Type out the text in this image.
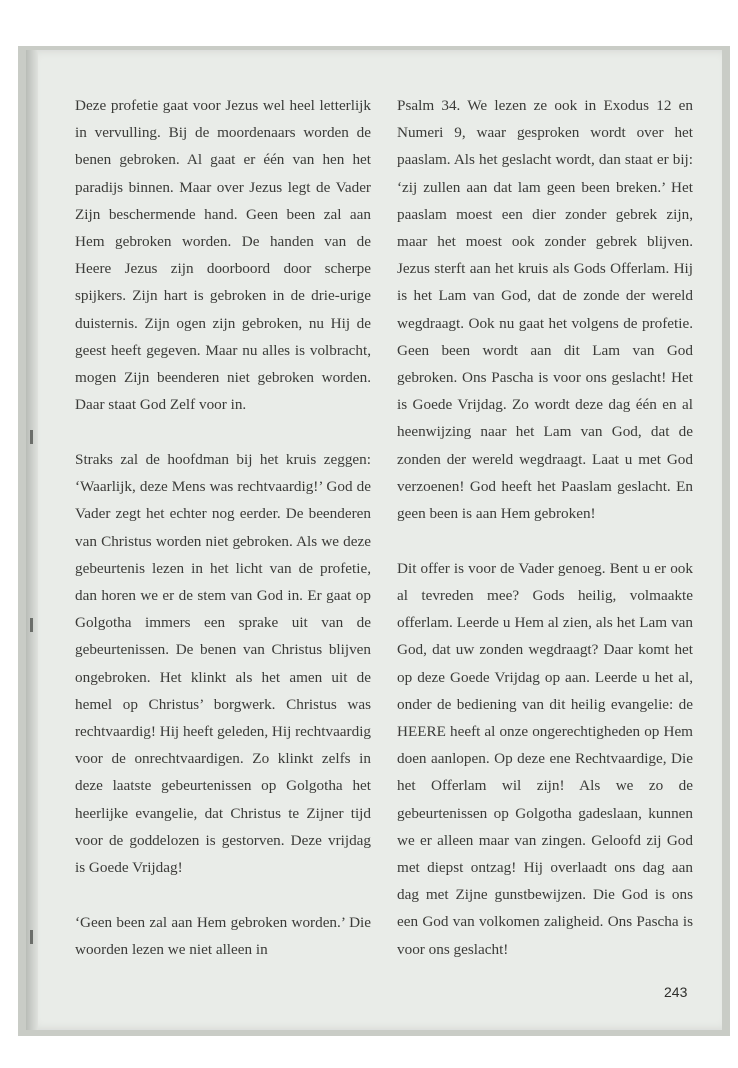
Deze profetie gaat voor Jezus wel heel letterlijk in vervulling. Bij de moordenaars worden de benen gebroken. Al gaat er één van hen het paradijs binnen. Maar over Jezus legt de Vader Zijn beschermende hand. Geen been zal aan Hem gebroken worden. De handen van de Heere Jezus zijn doorboord door scherpe spijkers. Zijn hart is gebroken in de drie-urige duisternis. Zijn ogen zijn gebroken, nu Hij de geest heeft gegeven. Maar nu alles is volbracht, mogen Zijn beenderen niet gebroken worden. Daar staat God Zelf voor in.

Straks zal de hoofdman bij het kruis zeggen: ‘Waarlijk, deze Mens was rechtvaardig!’ God de Vader zegt het echter nog eerder. De beenderen van Christus worden niet gebroken. Als we deze gebeurtenis lezen in het licht van de profetie, dan horen we er de stem van God in. Er gaat op Golgotha immers een sprake uit van de gebeurtenissen. De benen van Christus blijven ongebroken. Het klinkt als het amen uit de hemel op Christus’ borgwerk. Christus was rechtvaardig! Hij heeft geleden, Hij rechtvaardig voor de onrechtvaardigen. Zo klinkt zelfs in deze laatste gebeurtenissen op Golgotha het heerlijke evangelie, dat Christus te Zijner tijd voor de goddelozen is gestorven. Deze vrijdag is Goede Vrijdag!

‘Geen been zal aan Hem gebroken worden.’ Die woorden lezen we niet alleen in

Psalm 34. We lezen ze ook in Exodus 12 en Numeri 9, waar gesproken wordt over het paaslam. Als het geslacht wordt, dan staat er bij: ‘zij zullen aan dat lam geen been breken.’ Het paaslam moest een dier zonder gebrek zijn, maar het moest ook zonder gebrek blijven. Jezus sterft aan het kruis als Gods Offerlam. Hij is het Lam van God, dat de zonde der wereld wegdraagt. Ook nu gaat het volgens de profetie. Geen been wordt aan dit Lam van God gebroken. Ons Pascha is voor ons geslacht! Het is Goede Vrijdag. Zo wordt deze dag één en al heenwijzing naar het Lam van God, dat de zonden der wereld wegdraagt. Laat u met God verzoenen! God heeft het Paaslam geslacht. En geen been is aan Hem gebroken!

Dit offer is voor de Vader genoeg. Bent u er ook al tevreden mee? Gods heilig, volmaakte offerlam. Leerde u Hem al zien, als het Lam van God, dat uw zonden wegdraagt? Daar komt het op deze Goede Vrijdag op aan. Leerde u het al, onder de bediening van dit heilig evangelie: de HEERE heeft al onze ongerechtigheden op Hem doen aanlopen. Op deze ene Rechtvaardige, Die het Offerlam wil zijn! Als we zo de gebeurtenissen op Golgotha gadeslaan, kunnen we er alleen maar van zingen. Geloofd zij God met diepst ontzag! Hij overlaadt ons dag aan dag met Zijne gunstbewijzen. Die God is ons een God van volkomen zaligheid. Ons Pascha is voor ons geslacht!

243
